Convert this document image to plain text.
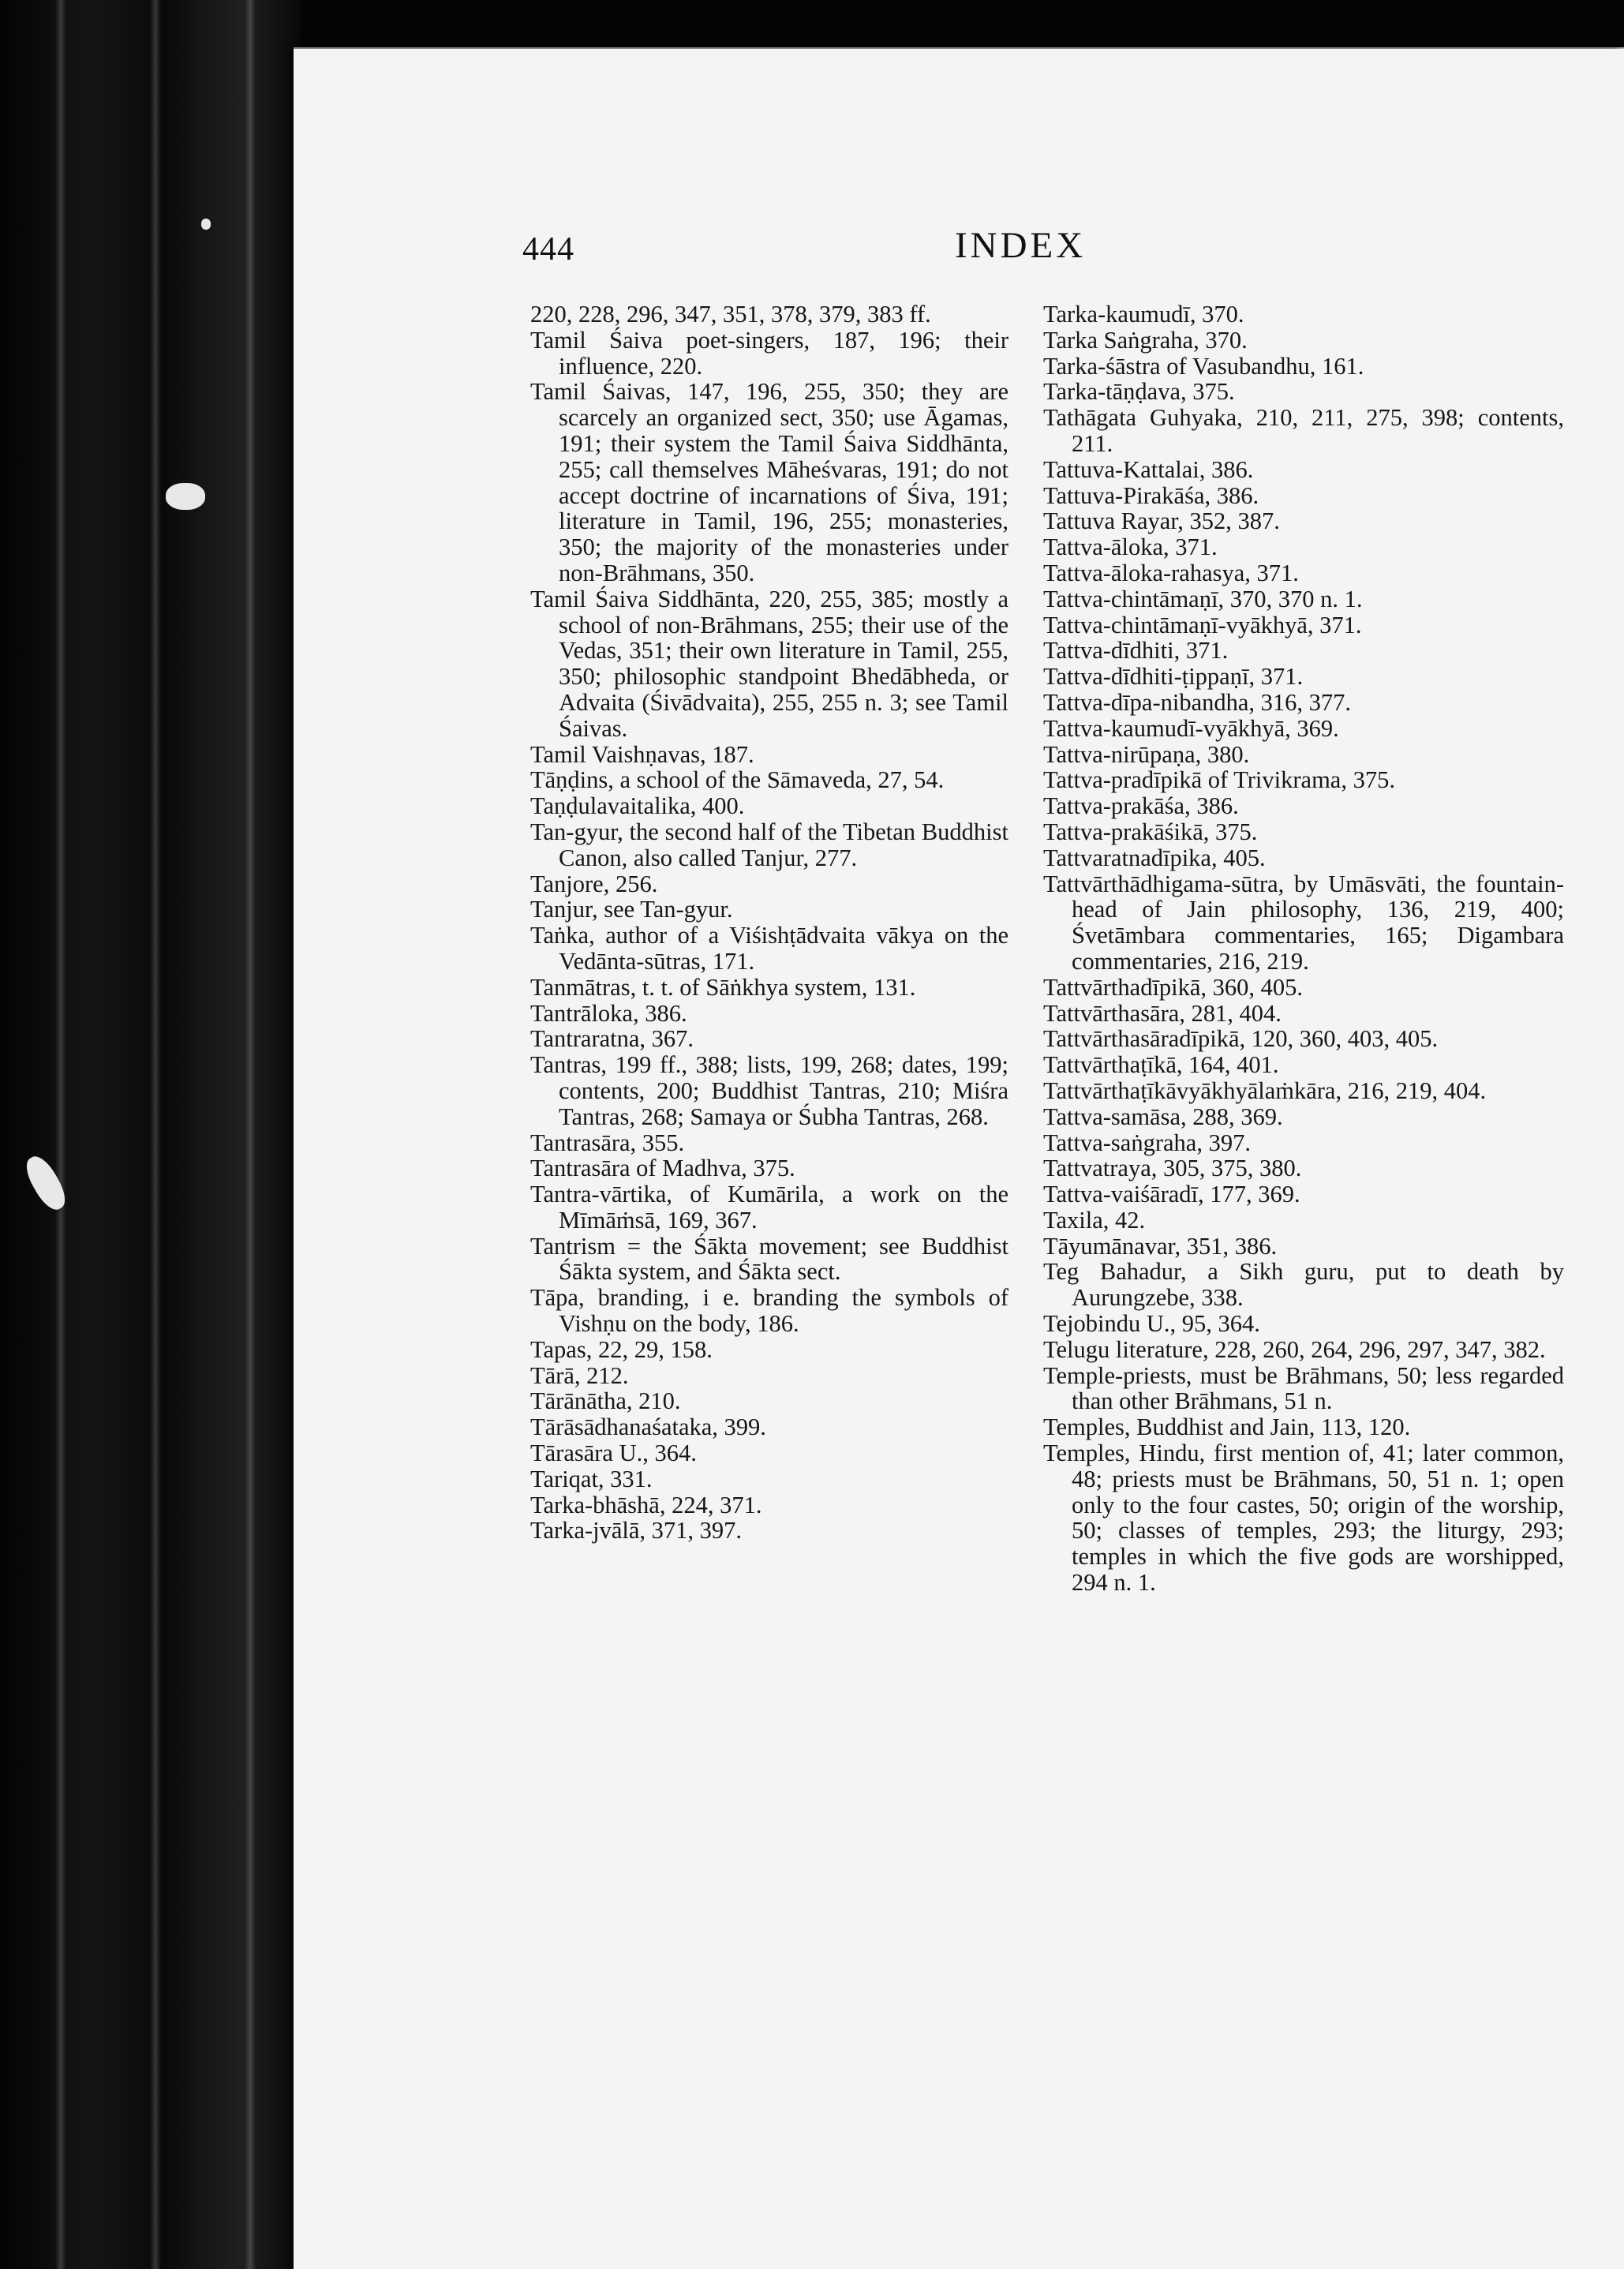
444	INDEX
220, 228, 296, 347, 351, 378, 379, 383 ff.
Tamil Śaiva poet-singers, 187, 196; their influence, 220.
Tamil Śaivas, 147, 196, 255, 350; they are scarcely an organized sect, 350; use Āgamas, 191; their system the Tamil Śaiva Siddhānta, 255; call themselves Māheśvaras, 191; do not accept doctrine of incarnations of Śiva, 191; literature in Tamil, 196, 255; monasteries, 350; the majority of the monasteries under non-Brāhmans, 350.
Tamil Śaiva Siddhānta, 220, 255, 385; mostly a school of non-Brāhmans, 255; their use of the Vedas, 351; their own literature in Tamil, 255, 350; philosophic standpoint Bhedābheda, or Advaita (Śivādvaita), 255, 255 n. 3; see Tamil Śaivas.
Tamil Vaishṇavas, 187.
Tāṇḍins, a school of the Sāmaveda, 27, 54.
Taṇḍulavaitalika, 400.
Tan-gyur, the second half of the Tibetan Buddhist Canon, also called Tanjur, 277.
Tanjore, 256.
Tanjur, see Tan-gyur.
Taṅka, author of a Viśishṭādvaita vākya on the Vedānta-sūtras, 171.
Tanmātras, t. t. of Sāṅkhya system, 131.
Tantrāloka, 386.
Tantraratna, 367.
Tantras, 199 ff., 388; lists, 199, 268; dates, 199; contents, 200; Buddhist Tantras, 210; Miśra Tantras, 268; Samaya or Śubha Tantras, 268.
Tantrasāra, 355.
Tantrasāra of Madhva, 375.
Tantra-vārtika, of Kumārila, a work on the Mīmāṁsā, 169, 367.
Tantrism = the Śākta movement; see Buddhist Śākta system, and Śākta sect.
Tāpa, branding, i e. branding the symbols of Vishṇu on the body, 186.
Tapas, 22, 29, 158.
Tārā, 212.
Tārānātha, 210.
Tārāsādhanaśataka, 399.
Tārasāra U., 364.
Tariqat, 331.
Tarka-bhāshā, 224, 371.
Tarka-jvālā, 371, 397.
Tarka-kaumudī, 370.
Tarka Saṅgraha, 370.
Tarka-śāstra of Vasubandhu, 161.
Tarka-tāṇḍava, 375.
Tathāgata Guhyaka, 210, 211, 275, 398; contents, 211.
Tattuva-Kattalai, 386.
Tattuva-Pirakāśa, 386.
Tattuva Rayar, 352, 387.
Tattva-āloka, 371.
Tattva-āloka-rahasya, 371.
Tattva-chintāmaṇī, 370, 370 n. 1.
Tattva-chintāmaṇī-vyākhyā, 371.
Tattva-dīdhiti, 371.
Tattva-dīdhiti-ṭippaṇī, 371.
Tattva-dīpa-nibandha, 316, 377.
Tattva-kaumudī-vyākhyā, 369.
Tattva-nirūpaṇa, 380.
Tattva-pradīpikā of Trivikrama, 375.
Tattva-prakāśa, 386.
Tattva-prakāśikā, 375.
Tattvaratnadīpika, 405.
Tattvārthādhigama-sūtra, by Umāsvāti, the fountain-head of Jain philosophy, 136, 219, 400; Śvetāmbara commentaries, 165; Digambara commentaries, 216, 219.
Tattvārthadīpikā, 360, 405.
Tattvārthasāra, 281, 404.
Tattvārthasāradīpikā, 120, 360, 403, 405.
Tattvārthaṭīkā, 164, 401.
Tattvārthaṭīkāvyākhyālaṁkāra, 216, 219, 404.
Tattva-samāsa, 288, 369.
Tattva-saṅgraha, 397.
Tattvatraya, 305, 375, 380.
Tattva-vaiśāradī, 177, 369.
Taxila, 42.
Tāyumānavar, 351, 386.
Teg Bahadur, a Sikh guru, put to death by Aurungzebe, 338.
Tejobindu U., 95, 364.
Telugu literature, 228, 260, 264, 296, 297, 347, 382.
Temple-priests, must be Brāhmans, 50; less regarded than other Brāhmans, 51 n.
Temples, Buddhist and Jain, 113, 120.
Temples, Hindu, first mention of, 41; later common, 48; priests must be Brāhmans, 50, 51 n. 1; open only to the four castes, 50; origin of the worship, 50; classes of temples, 293; the liturgy, 293; temples in which the five gods are worshipped, 294 n. 1.
